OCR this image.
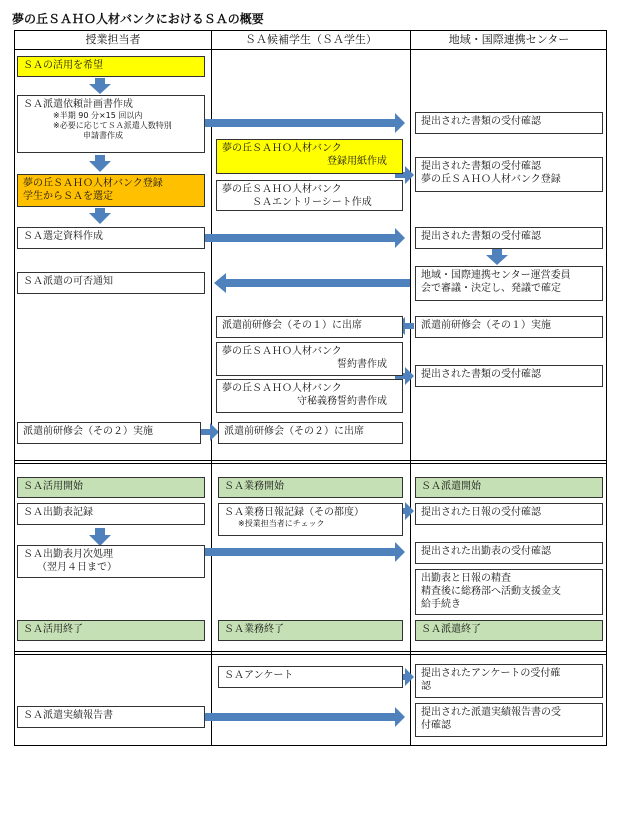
夢の丘ＳＡＨＯ人材バンクにおけるＳＡの概要
授業担当者	ＳＡ候補学生（ＳＡ学生）	地域・国際連携センター
ＳＡの活用を希望
ＳＡ派遣依頼計画書作成
※半期 90 分×15 回以内
※必要に応じてＳＡ派遣人数特別
申請書作成
提出された書類の受付確認
夢の丘ＳＡＨＯ人材バンク
登録用紙作成	提出された書類の受付確認
夢の丘ＳＡＨＯ人材バンク登録
夢の丘ＳＡＨＯ人材バンク登録
学生からＳＡを選定
夢の丘ＳＡＨＯ人材バンク
ＳＡエントリーシート作成
ＳＡ選定資料作成	提出された書類の受付確認
ＳＡ派遣の可否通知
地域・国際連携センター運営委員
会で審議・決定し、発議で確定
派遣前研修会（その１）に出席	派遣前研修会（その１）実施
夢の丘ＳＡＨＯ人材バンク
誓約書作成
提出された書類の受付確認
夢の丘ＳＡＨＯ人材バンク
守秘義務誓約書作成
派遣前研修会（その２）実施	派遣前研修会（その２）に出席
ＳＡ活用開始	ＳＡ業務開始	ＳＡ派遣開始
ＳＡ出勤表記録	ＳＡ業務日報記録（その都度）
※授業担当者にチェック
提出された日報の受付確認
ＳＡ出勤表月次処理
（翌月４日まで）
提出された出勤表の受付確認
出勤表と日報の精査
精査後に総務部へ活動支援金支
給手続き
ＳＡ活用終了	ＳＡ業務終了	ＳＡ派遣終了
ＳＡアンケート	提出されたアンケートの受付確
認
ＳＡ派遣実績報告書	提出された派遣実績報告書の受
付確認
